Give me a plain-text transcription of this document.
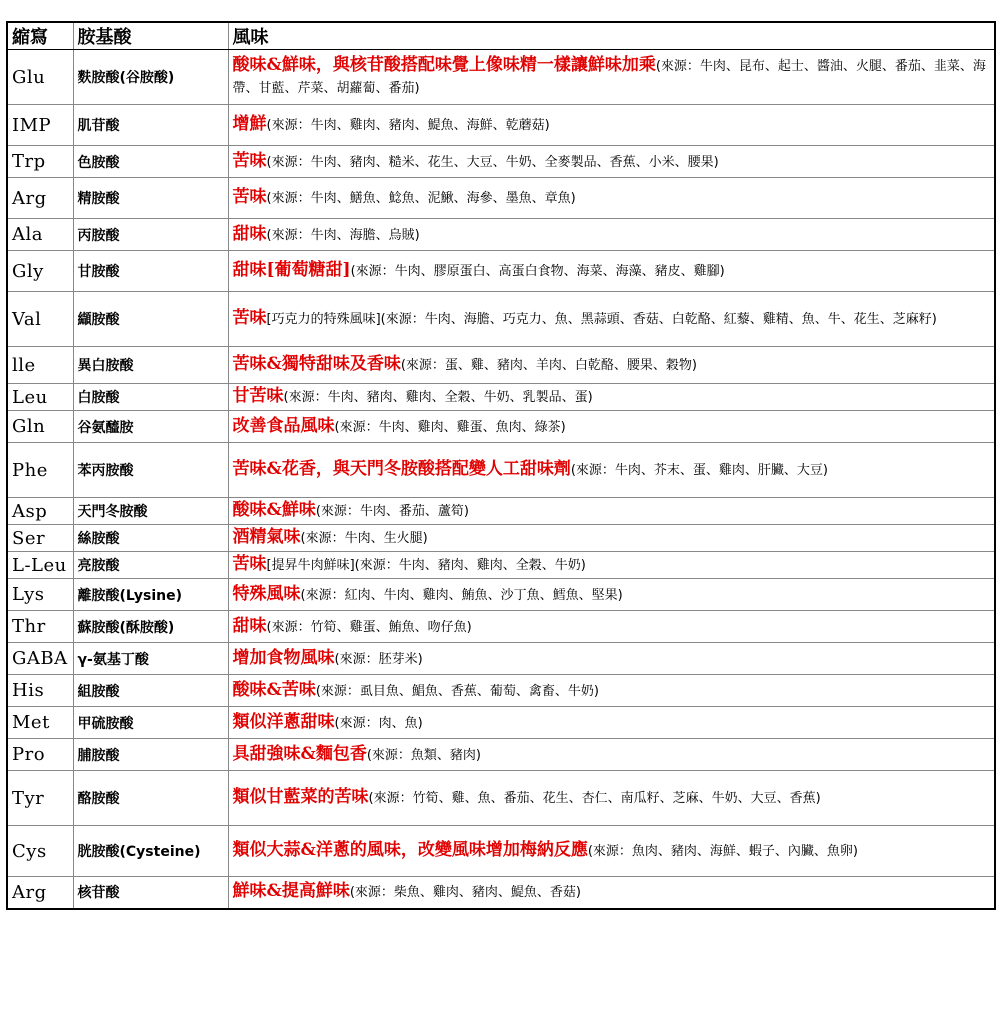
縮寫	胺基酸	風味
Glu	麩胺酸(谷胺酸)	酸味&鮮味，與核苷酸搭配味覺上像味精一樣讓鮮味加乘(來源：牛肉、昆布、起士、醬油、火腿、番茄、韭菜、海帶、甘藍、芹菜、胡蘿蔔、番茄)
IMP	肌苷酸	增鮮(來源：牛肉、雞肉、豬肉、鯷魚、海鮮、乾蘑菇)
Trp	色胺酸	苦味(來源：牛肉、豬肉、糙米、花生、大豆、牛奶、全麥製品、香蕉、小米、腰果)
Arg	精胺酸	苦味(來源：牛肉、鱔魚、鯰魚、泥鰍、海參、墨魚、章魚)
Ala	丙胺酸	甜味(來源：牛肉、海膽、烏賊)
Gly	甘胺酸	甜味[葡萄糖甜](來源：牛肉、膠原蛋白、高蛋白食物、海菜、海藻、豬皮、雞腳)
Val	纈胺酸	苦味[巧克力的特殊風味](來源：牛肉、海膽、巧克力、魚、黑蒜頭、香菇、白乾酪、紅藜、雞精、魚、牛、花生、芝麻籽)
lle	異白胺酸	苦味&獨特甜味及香味(來源：蛋、雞、豬肉、羊肉、白乾酪、腰果、穀物)
Leu	白胺酸	甘苦味(來源：牛肉、豬肉、雞肉、全穀、牛奶、乳製品、蛋)
Gln	谷氨醯胺	改善食品風味(來源：牛肉、雞肉、雞蛋、魚肉、綠茶)
Phe	苯丙胺酸	苦味&花香，與天門冬胺酸搭配變人工甜味劑(來源：牛肉、芥末、蛋、雞肉、肝臟、大豆)
Asp	天門冬胺酸	酸味&鮮味(來源：牛肉、番茄、蘆筍)
Ser	絲胺酸	酒精氣味(來源：牛肉、生火腿)
L-Leu	亮胺酸	苦味[提昇牛肉鮮味](來源：牛肉、豬肉、雞肉、全穀、牛奶)
Lys	離胺酸(Lysine)	特殊風味(來源：紅肉、牛肉、雞肉、鮪魚、沙丁魚、鱈魚、堅果)
Thr	蘇胺酸(酥胺酸)	甜味(來源：竹筍、雞蛋、鮪魚、吻仔魚)
GABA	γ-氨基丁酸	增加食物風味(來源：胚芽米)
His	組胺酸	酸味&苦味(來源：虱目魚、鯧魚、香蕉、葡萄、禽畜、牛奶)
Met	甲硫胺酸	類似洋蔥甜味(來源：肉、魚)
Pro	脯胺酸	具甜強味&麵包香(來源：魚類、豬肉)
Tyr	酪胺酸	類似甘藍菜的苦味(來源：竹筍、雞、魚、番茄、花生、杏仁、南瓜籽、芝麻、牛奶、大豆、香蕉)
Cys	胱胺酸(Cysteine)	類似大蒜&洋蔥的風味，改變風味增加梅納反應(來源：魚肉、豬肉、海鮮、蝦子、內臟、魚卵)
Arg	核苷酸	鮮味&提高鮮味(來源：柴魚、雞肉、豬肉、鯷魚、香菇)
